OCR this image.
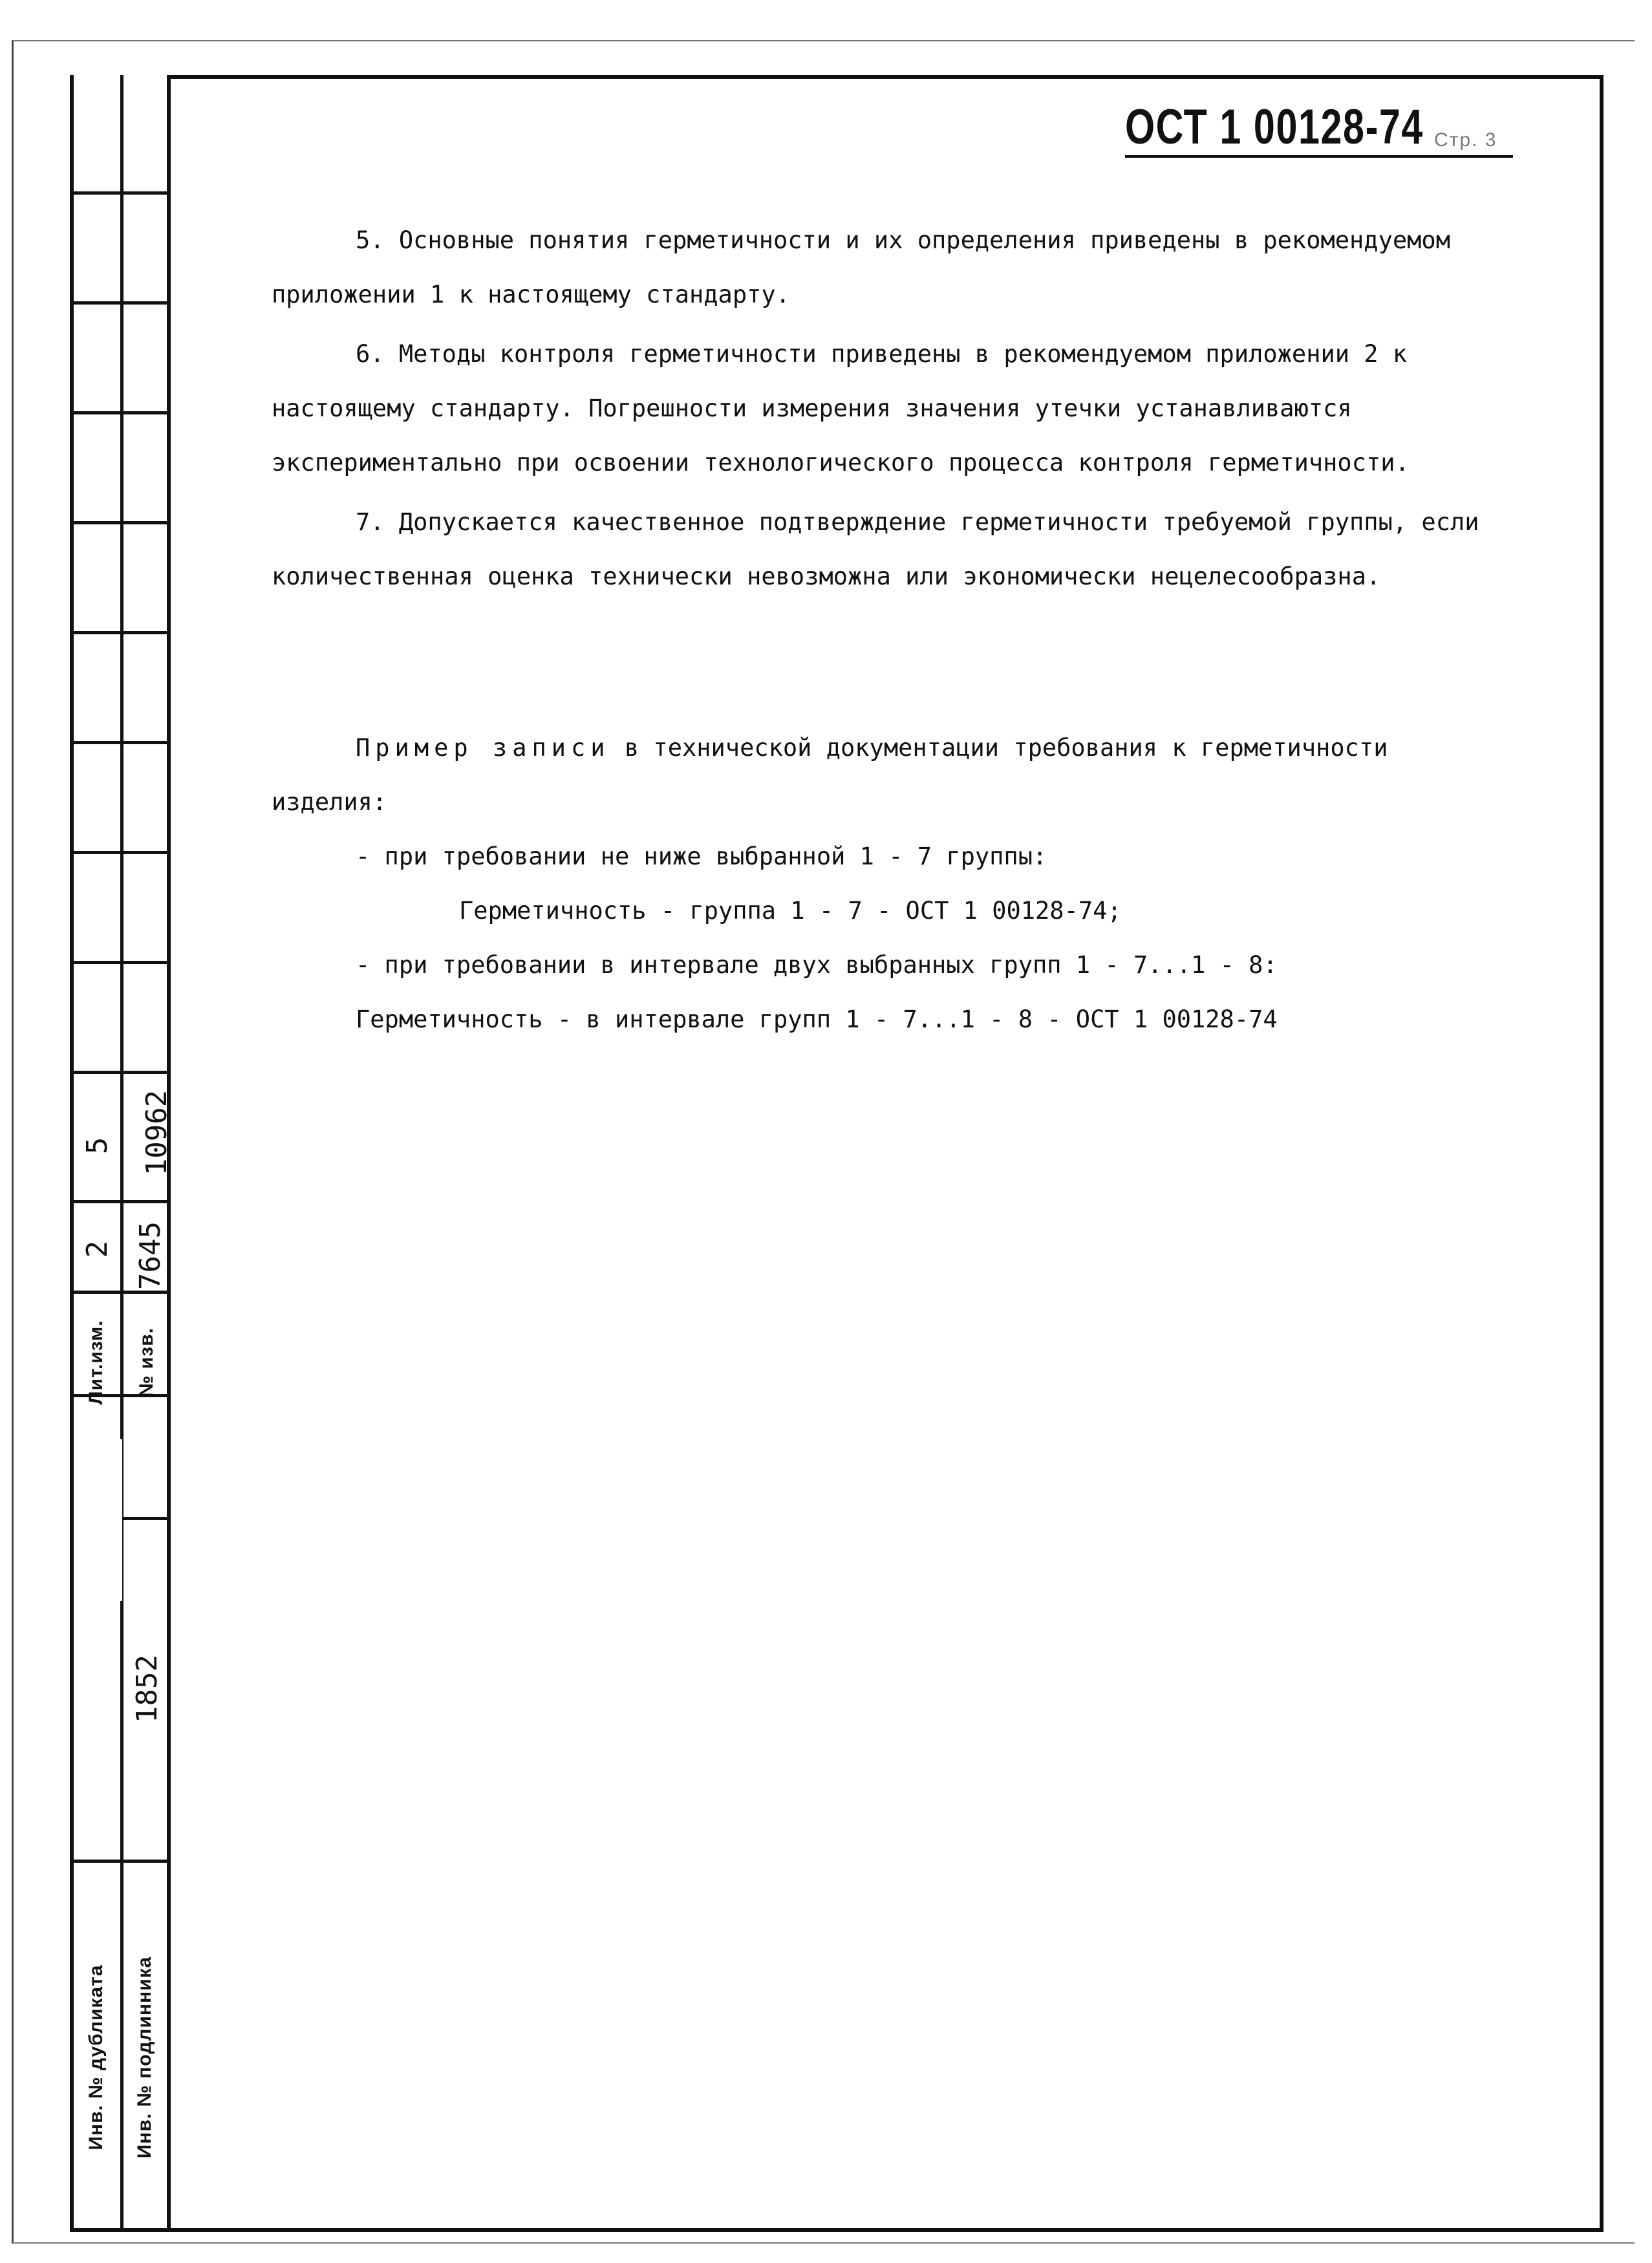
5
2
Лит.изм.
10962
7645
№ изв.
1852
Инв. № дубликата	Инв. № подлинника
ОСТ 1 00128-74 Стр. 3

5. Основные понятия герметичности и их определения приведены в рекомендуемом приложении 1 к настоящему стандарту.

6. Методы контроля герметичности приведены в рекомендуемом приложении 2 к настоящему стандарту. Погрешности измерения значения утечки устанавливаются экспериментально при освоении технологического процесса контроля герметичности.

7. Допускается качественное подтверждение герметичности требуемой группы, если количественная оценка технически невозможна или экономически нецелесообразна.

Пример записи в технической документации требования к герметичности изделия:

- при требовании не ниже выбранной 1 - 7 группы:
Герметичность - группа 1 - 7 - ОСТ 1 00128-74;
- при требовании в интервале двух выбранных групп 1 - 7...1 - 8:
Герметичность - в интервале групп 1 - 7...1 - 8 - ОСТ 1 00128-74
